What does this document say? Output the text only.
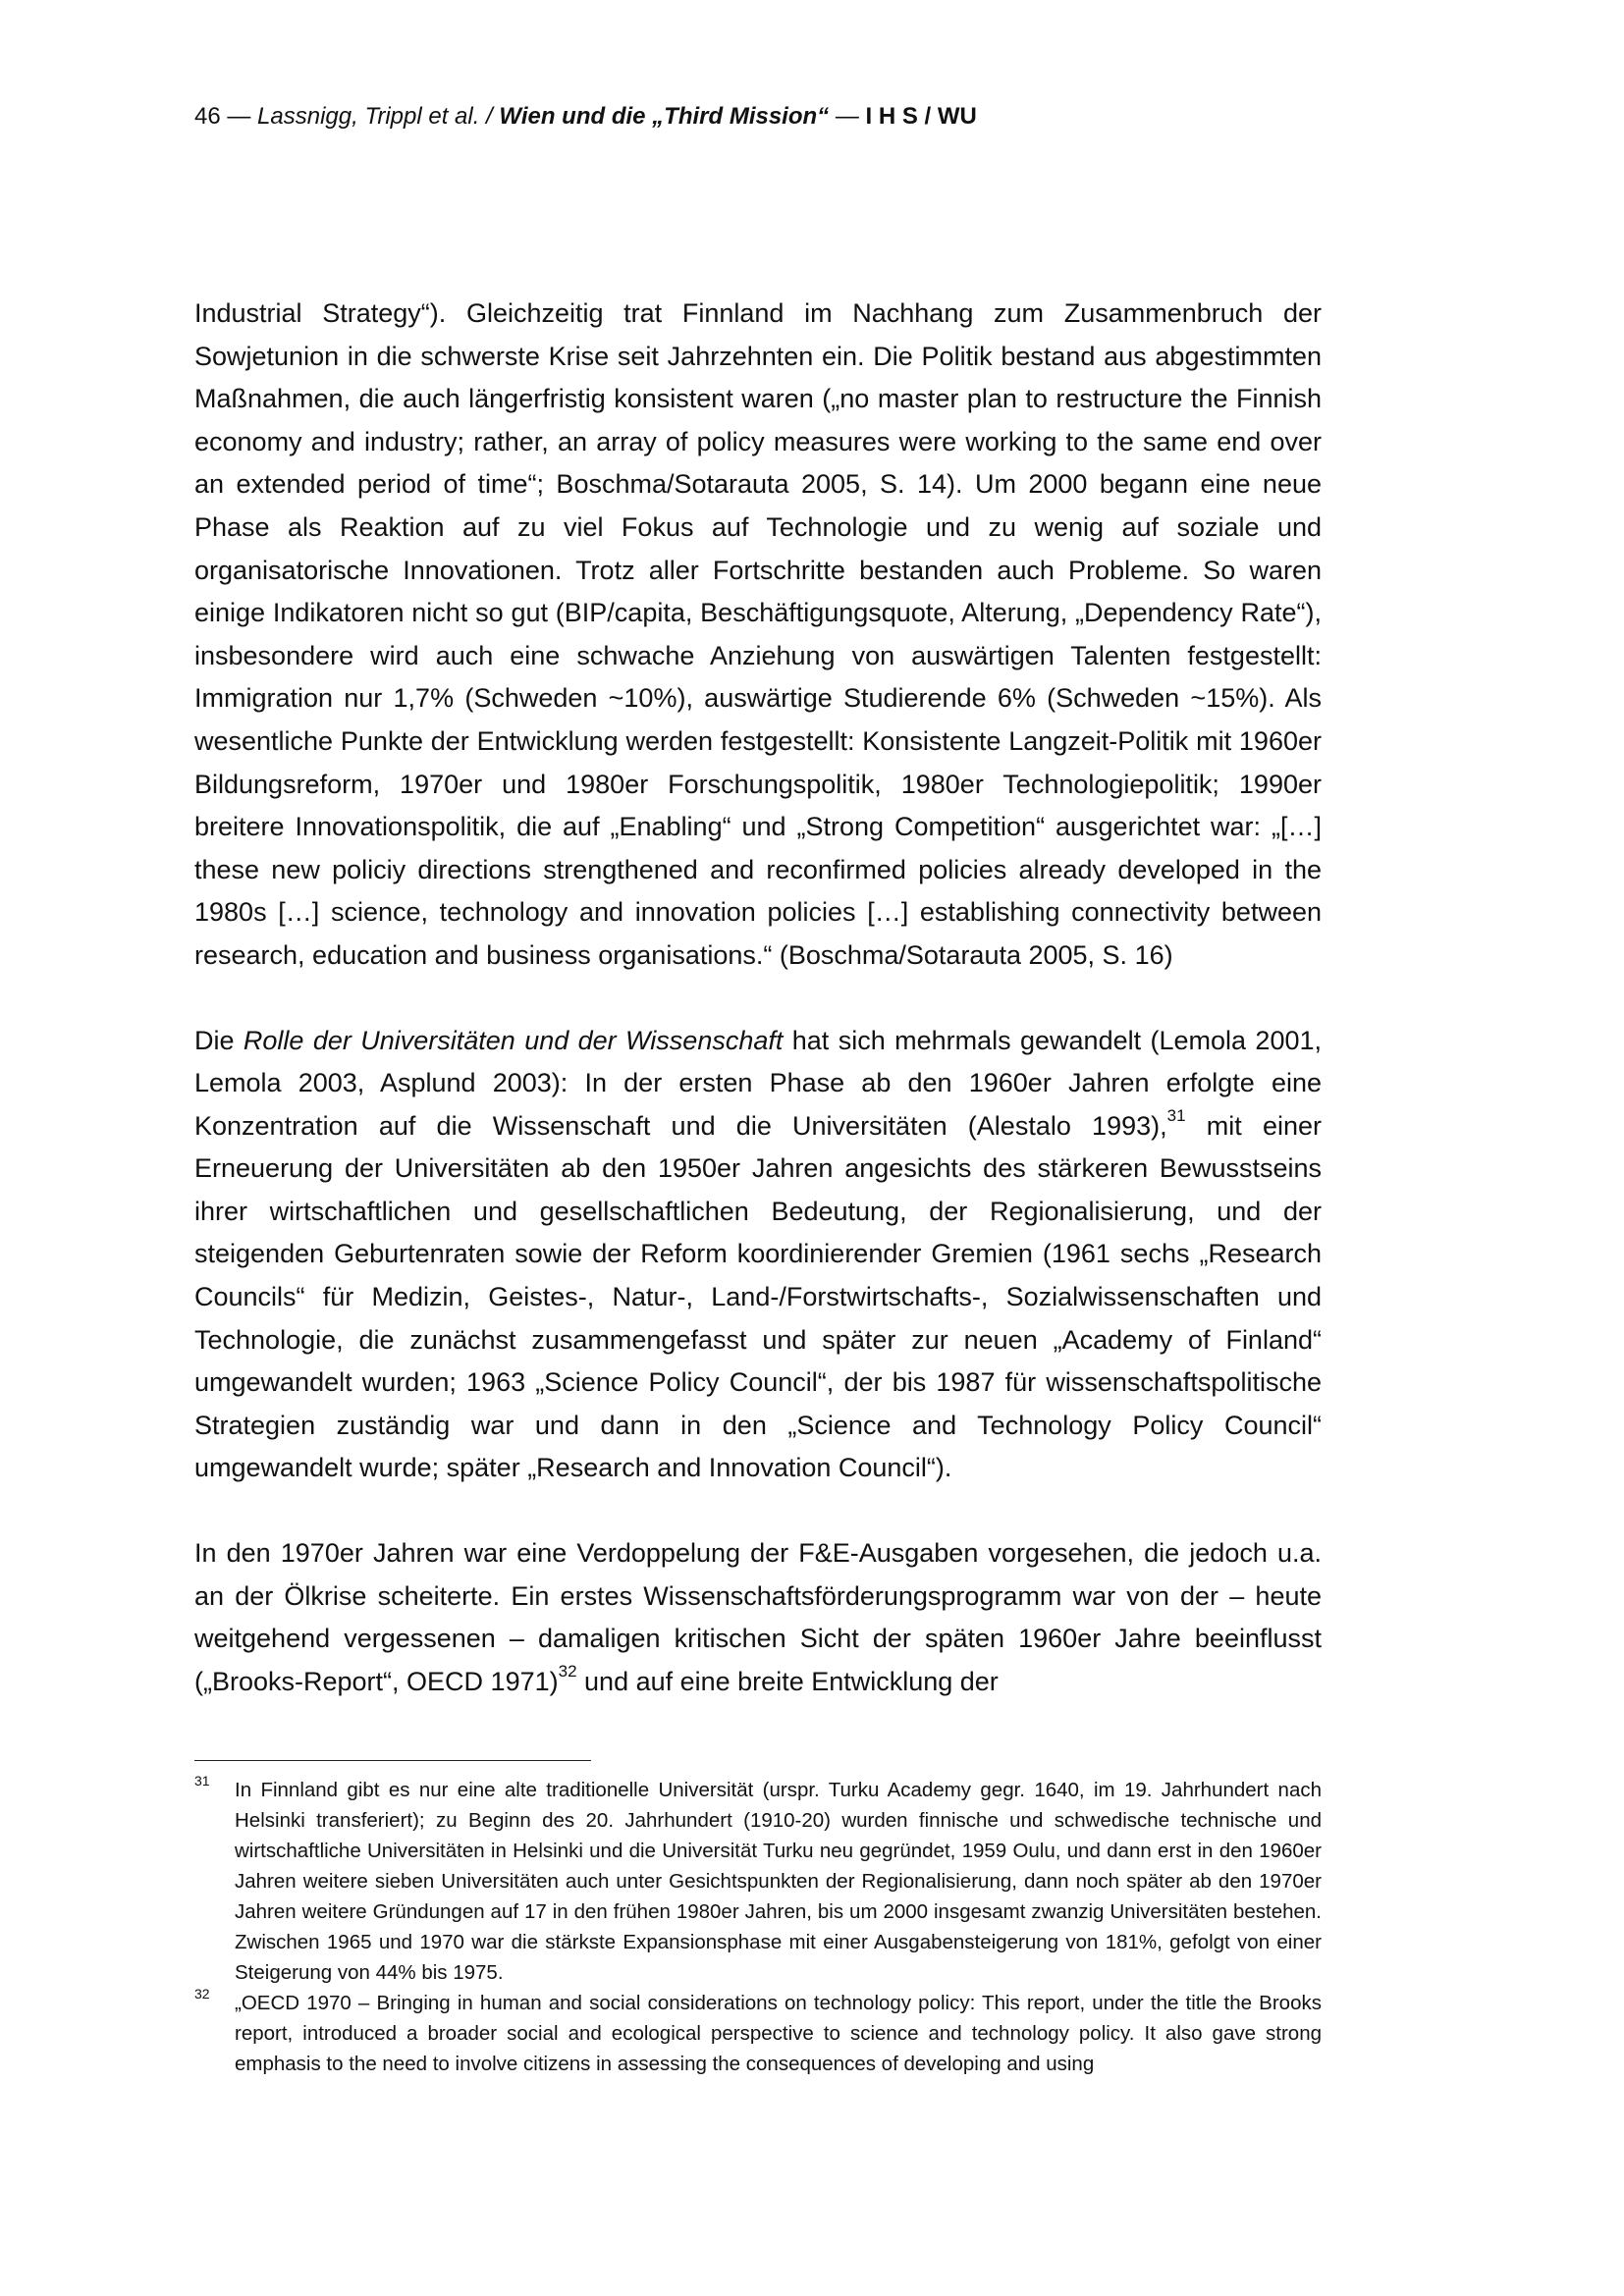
46 — Lassnigg, Trippl et al. / Wien und die „Third Mission“ — I H S / WU

Industrial Strategy“). Gleichzeitig trat Finnland im Nachhang zum Zusammenbruch der Sowjetunion in die schwerste Krise seit Jahrzehnten ein. Die Politik bestand aus abgestimmten Maßnahmen, die auch längerfristig konsistent waren („no master plan to restructure the Finnish economy and industry; rather, an array of policy measures were working to the same end over an extended period of time“; Boschma/Sotarauta 2005, S. 14). Um 2000 begann eine neue Phase als Reaktion auf zu viel Fokus auf Technologie und zu wenig auf soziale und organisatorische Innovationen. Trotz aller Fortschritte bestanden auch Probleme. So waren einige Indikatoren nicht so gut (BIP/capita, Beschäftigungsquote, Alterung, „Dependency Rate“), insbesondere wird auch eine schwache Anziehung von auswärtigen Talenten festgestellt: Immigration nur 1,7% (Schweden ~10%), auswärtige Studierende 6% (Schweden ~15%). Als wesentliche Punkte der Entwicklung werden festgestellt: Konsistente Langzeit-Politik mit 1960er Bildungsreform, 1970er und 1980er Forschungspolitik, 1980er Technologiepolitik; 1990er breitere Innovationspolitik, die auf „Enabling“ und „Strong Competition“ ausgerichtet war: „[…] these new policiy directions strengthened and reconfirmed policies already developed in the 1980s […] science, technology and innovation policies […] establishing connectivity between research, education and business organisations.“ (Boschma/Sotarauta 2005, S. 16)

Die Rolle der Universitäten und der Wissenschaft hat sich mehrmals gewandelt (Lemola 2001, Lemola 2003, Asplund 2003): In der ersten Phase ab den 1960er Jahren erfolgte eine Konzentration auf die Wissenschaft und die Universitäten (Alestalo 1993),$^{31}$ mit einer Erneuerung der Universitäten ab den 1950er Jahren angesichts des stärkeren Bewusstseins ihrer wirtschaftlichen und gesellschaftlichen Bedeutung, der Regionalisierung, und der steigenden Geburtenraten sowie der Reform koordinierender Gremien (1961 sechs „Research Councils“ für Medizin, Geistes-, Natur-, Land-/Forstwirtschafts-, Sozialwissenschaften und Technologie, die zunächst zusammengefasst und später zur neuen „Academy of Finland“ umgewandelt wurden; 1963 „Science Policy Council“, der bis 1987 für wissenschaftspolitische Strategien zuständig war und dann in den „Science and Technology Policy Council“ umgewandelt wurde; später „Research and Innovation Council“).

In den 1970er Jahren war eine Verdoppelung der F&E-Ausgaben vorgesehen, die jedoch u.a. an der Ölkrise scheiterte. Ein erstes Wissenschaftsförderungsprogramm war von der – heute weitgehend vergessenen – damaligen kritischen Sicht der späten 1960er Jahre beeinflusst („Brooks-Report“, OECD 1971)$^{32}$ und auf eine breite Entwicklung der

31 In Finnland gibt es nur eine alte traditionelle Universität (urspr. Turku Academy gegr. 1640, im 19. Jahrhundert nach Helsinki transferiert); zu Beginn des 20. Jahrhundert (1910-20) wurden finnische und schwedische technische und wirtschaftliche Universitäten in Helsinki und die Universität Turku neu gegründet, 1959 Oulu, und dann erst in den 1960er Jahren weitere sieben Universitäten auch unter Gesichtspunkten der Regionalisierung, dann noch später ab den 1970er Jahren weitere Gründungen auf 17 in den frühen 1980er Jahren, bis um 2000 insgesamt zwanzig Universitäten bestehen. Zwischen 1965 und 1970 war die stärkste Expansionsphase mit einer Ausgabensteigerung von 181%, gefolgt von einer Steigerung von 44% bis 1975.
32 „OECD 1970 – Bringing in human and social considerations on technology policy: This report, under the title the Brooks report, introduced a broader social and ecological perspective to science and technology policy. It also gave strong emphasis to the need to involve citizens in assessing the consequences of developing and using
